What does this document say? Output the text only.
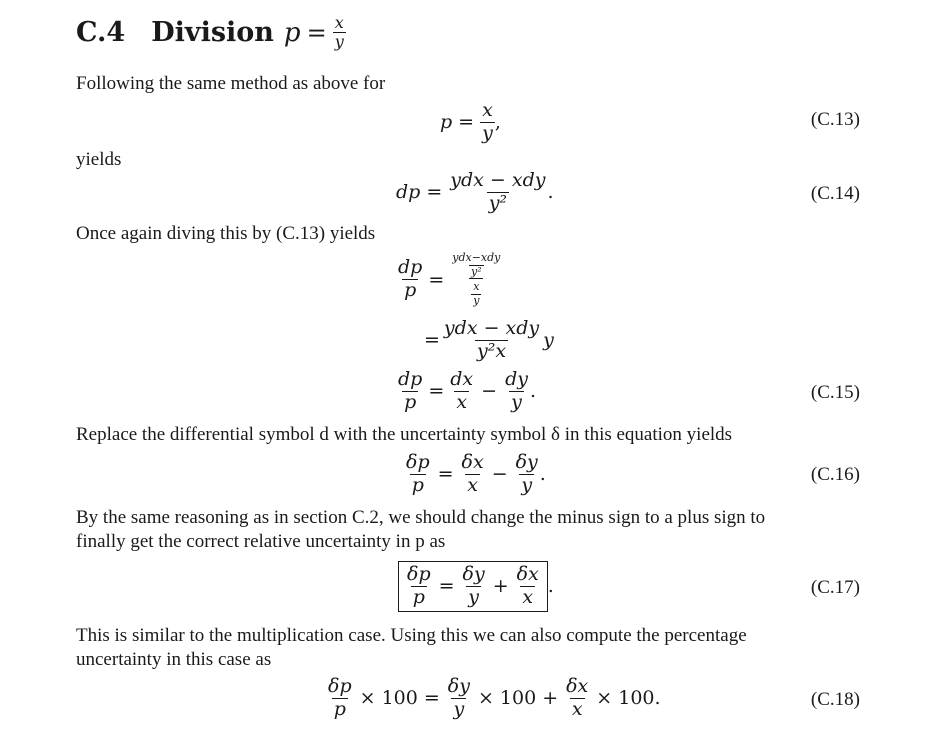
C.4 Division $p = \frac{x}{y}$
Following the same method as above for
$p = \frac{x}{y}$ ,	(C.13)
yields
dp = $\frac{\text{ydx − xdy}}{\text{y²}}$ .	(C.14)
Once again diving this by (C.13) yields
$\frac{dp}{p} = \frac{\frac{\text{ydx−xdy}}{\text{y²}}}{\frac{x}{y}}$
= $\frac{\text{ydx − xdy}}{\text{y²x}}$ y
$\frac{dp}{p} = \frac{dx}{x} - \frac{dy}{y}$ .	(C.15)
Replace the differential symbol d with the uncertainty symbol δ in this equation yields
$\frac{\delta p}{p} = \frac{\delta x}{x} - \frac{\delta y}{y}$ .	(C.16)
By the same reasoning as in section C.2, we should change the minus sign to a plus sign to
finally get the correct relative uncertainty in p as
$\frac{\delta p}{p} = \frac{\delta y}{y} + \frac{\delta x}{x}$ .	(C.17)
This is similar to the multiplication case. Using this we can also compute the percentage
uncertainty in this case as
$\frac{\delta p}{p} \times 100 = \frac{\delta y}{y} \times 100 + \frac{\delta x}{x} \times 100$.	(C.18)
